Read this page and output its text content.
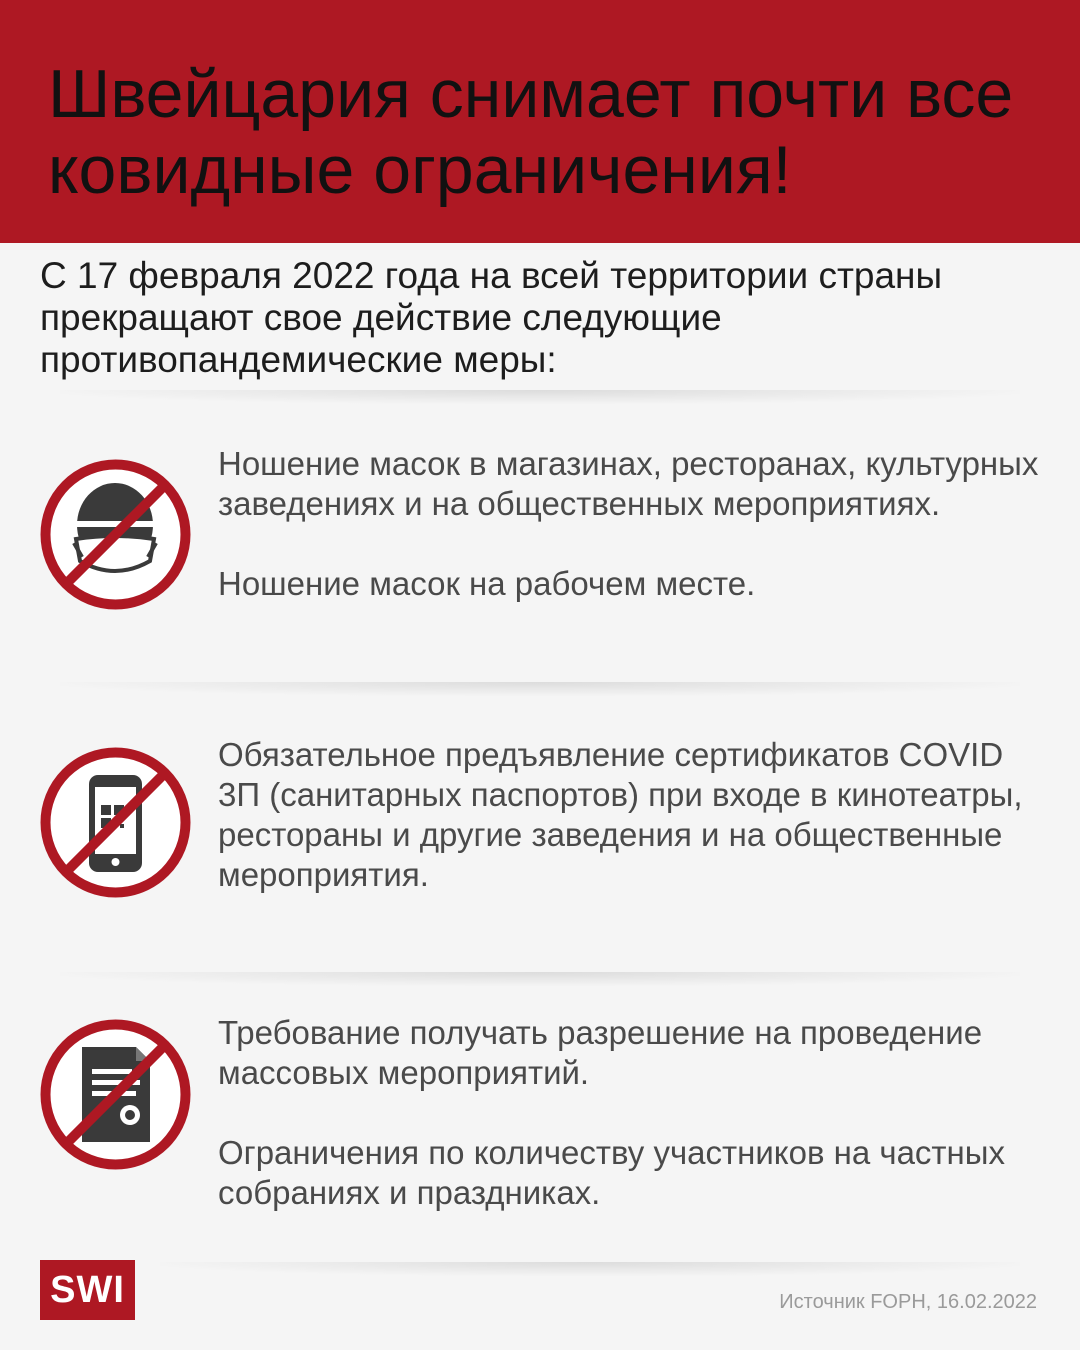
Швейцария снимает почти все ковидные ограничения!

С 17 февраля 2022 года на всей территории страны прекращают свое действие следующие противопандемические меры:

Ношение масок в магазинах, ресторанах, культурных заведениях и на общественных мероприятиях.

Ношение масок на рабочем месте.

Обязательное предъявление сертификатов COVID 3П (санитарных паспортов) при входе в кинотеатры, рестораны и другие заведения и на общественные мероприятия.

Требование получать разрешение на проведение массовых мероприятий.

Ограничения по количеству участников на частных собраниях и праздниках.

SWI	Источник FOPH, 16.02.2022
